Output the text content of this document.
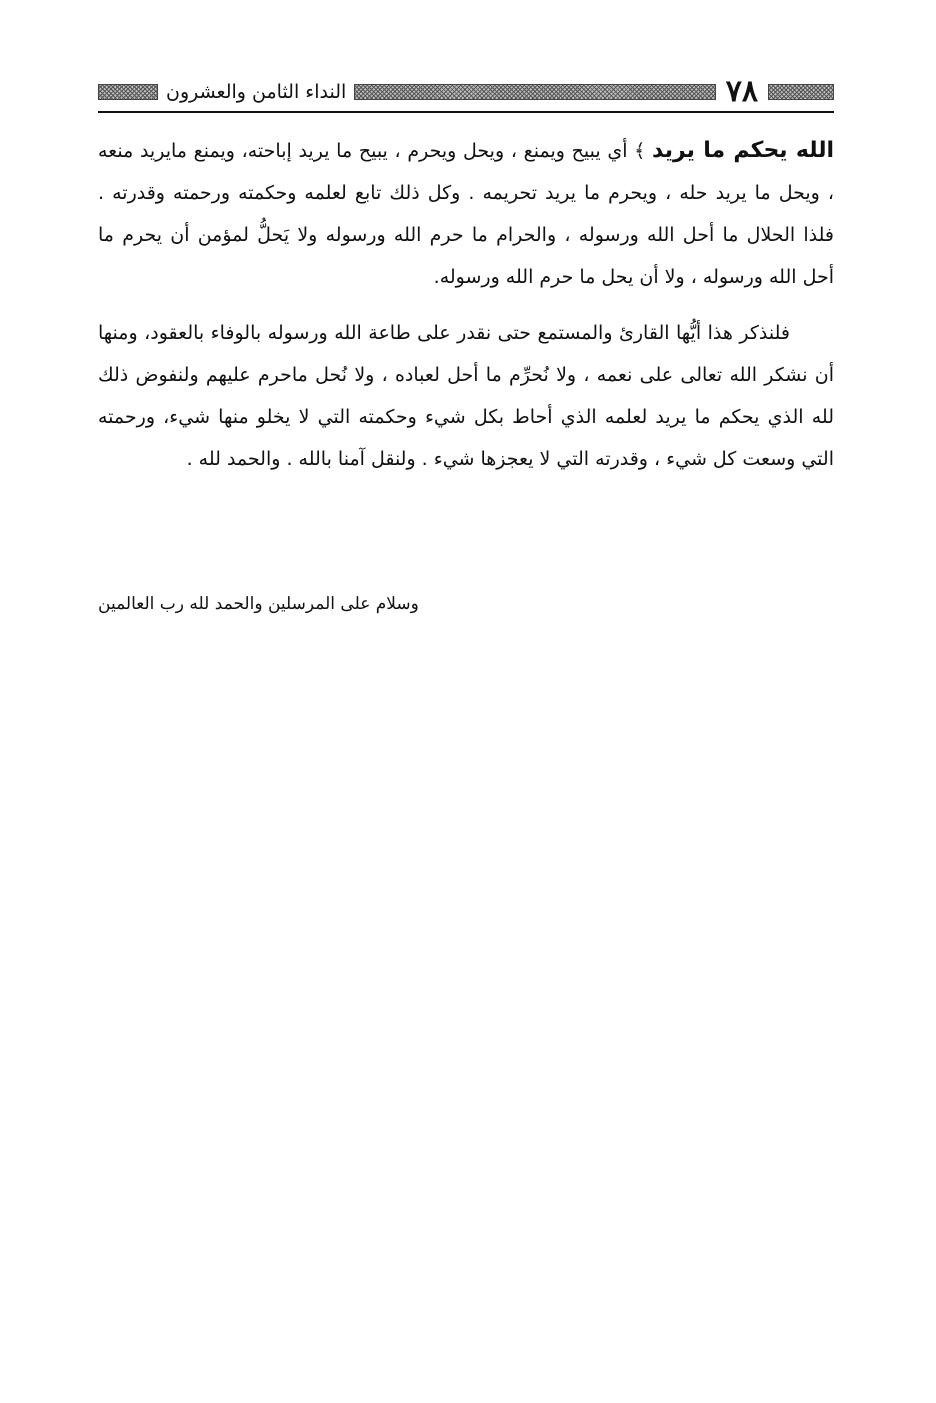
٧٨
النداء الثامن والعشرون

الله يحكم ما يريد ﴾ أي يبيح ويمنع ، ويحل ويحرم ، يبيح ما يريد إباحته، ويمنع مايريد منعه ، ويحل ما يريد حله ، ويحرم ما يريد تحريمه . وكل ذلك تابع لعلمه وحكمته ورحمته وقدرته . فلذا الحلال ما أحل الله ورسوله ، والحرام ما حرم الله ورسوله ولا يَحلُّ لمؤمن أن يحرم ما أحل الله ورسوله ، ولا أن يحل ما حرم الله ورسوله.

فلنذكر هذا أيُّها القارئ والمستمع حتى نقدر على طاعة الله ورسوله بالوفاء بالعقود، ومنها أن نشكر الله تعالى على نعمه ، ولا نُحرِّم ما أحل لعباده ، ولا نُحل ماحرم عليهم ولنفوض ذلك لله الذي يحكم ما يريد لعلمه الذي أحاط بكل شيء وحكمته التي لا يخلو منها شيء، ورحمته التي وسعت كل شيء ، وقدرته التي لا يعجزها شيء . ولنقل آمنا بالله . والحمد لله .

وسلام على المرسلين والحمد لله رب العالمين
